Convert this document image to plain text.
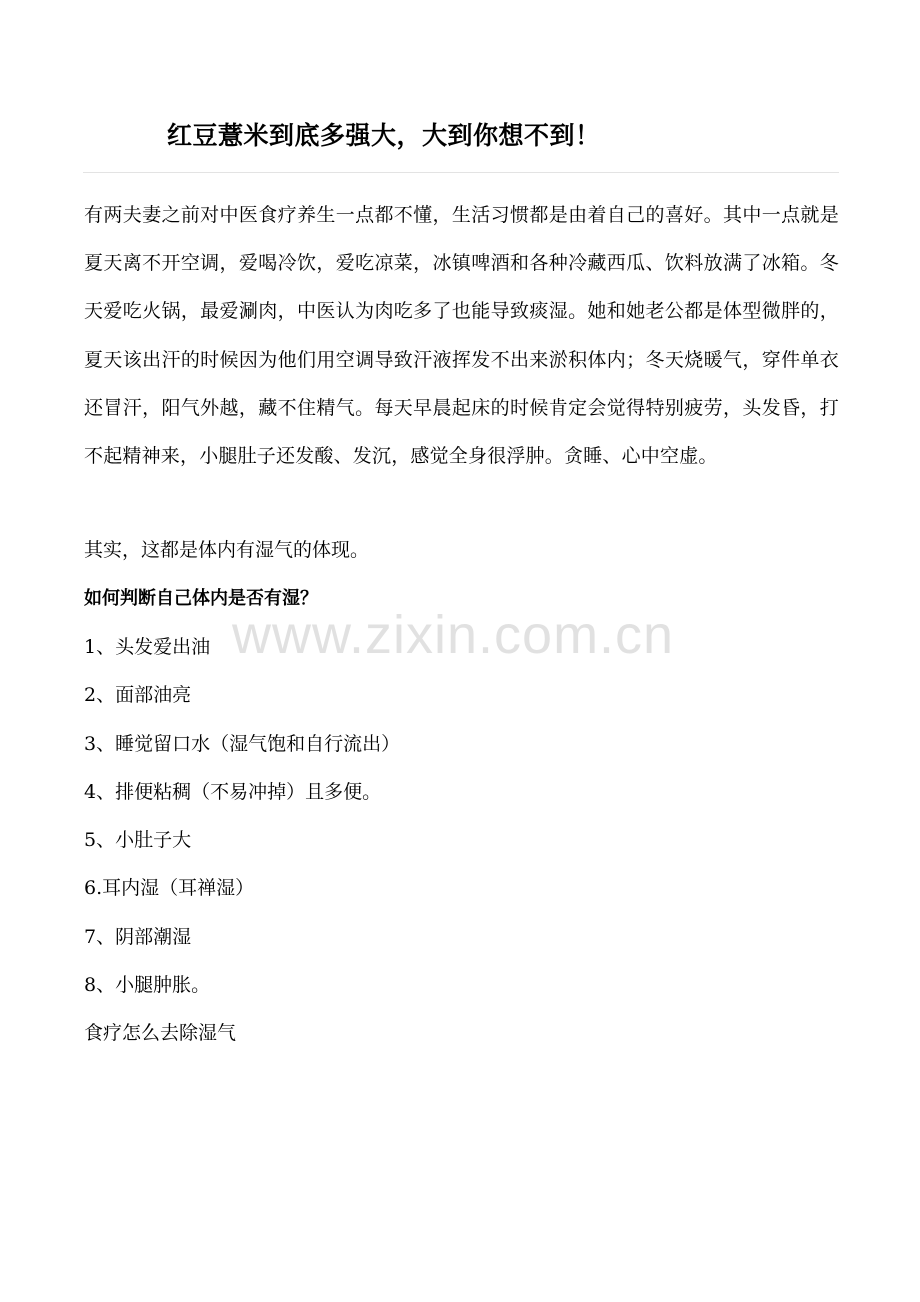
红豆薏米到底多强大，大到你想不到！
有两夫妻之前对中医食疗养生一点都不懂，生活习惯都是由着自己的喜好。其中一点就是夏天离不开空调，爱喝冷饮，爱吃凉菜，冰镇啤酒和各种冷藏西瓜、饮料放满了冰箱。冬天爱吃火锅，最爱涮肉，中医认为肉吃多了也能导致痰湿。她和她老公都是体型微胖的，夏天该出汗的时候因为他们用空调导致汗液挥发不出来淤积体内；冬天烧暖气，穿件单衣还冒汗，阳气外越，藏不住精气。每天早晨起床的时候肯定会觉得特别疲劳，头发昏，打不起精神来，小腿肚子还发酸、发沉，感觉全身很浮肿。贪睡、心中空虚。
其实，这都是体内有湿气的体现。
如何判断自己体内是否有湿？
1、头发爱出油
2、面部油亮
3、睡觉留口水（湿气饱和自行流出）
4、排便粘稠（不易冲掉）且多便。
5、小肚子大
6.耳内湿（耳禅湿）
7、阴部潮湿
8、小腿肿胀。
食疗怎么去除湿气
www.zixin.com.cn
